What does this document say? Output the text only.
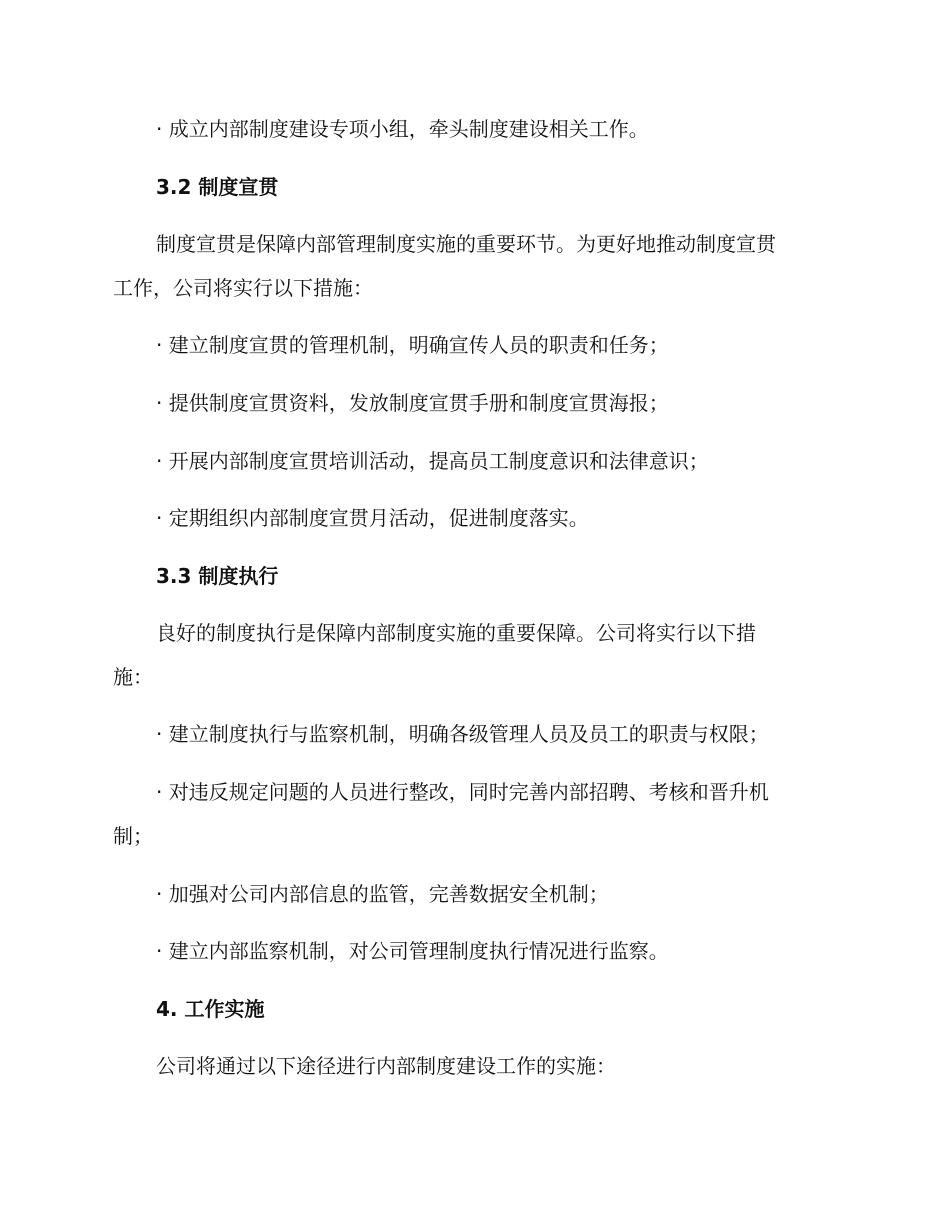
· 成立内部制度建设专项小组，牵头制度建设相关工作。
3.2 制度宣贯
制度宣贯是保障内部管理制度实施的重要环节。为更好地推动制度宣贯
工作，公司将实行以下措施：
· 建立制度宣贯的管理机制，明确宣传人员的职责和任务；
· 提供制度宣贯资料，发放制度宣贯手册和制度宣贯海报；
· 开展内部制度宣贯培训活动，提高员工制度意识和法律意识；
· 定期组织内部制度宣贯月活动，促进制度落实。
3.3 制度执行
良好的制度执行是保障内部制度实施的重要保障。公司将实行以下措
施：
· 建立制度执行与监察机制，明确各级管理人员及员工的职责与权限；
· 对违反规定问题的人员进行整改，同时完善内部招聘、考核和晋升机
制；
· 加强对公司内部信息的监管，完善数据安全机制；
· 建立内部监察机制，对公司管理制度执行情况进行监察。
4. 工作实施
公司将通过以下途径进行内部制度建设工作的实施：
